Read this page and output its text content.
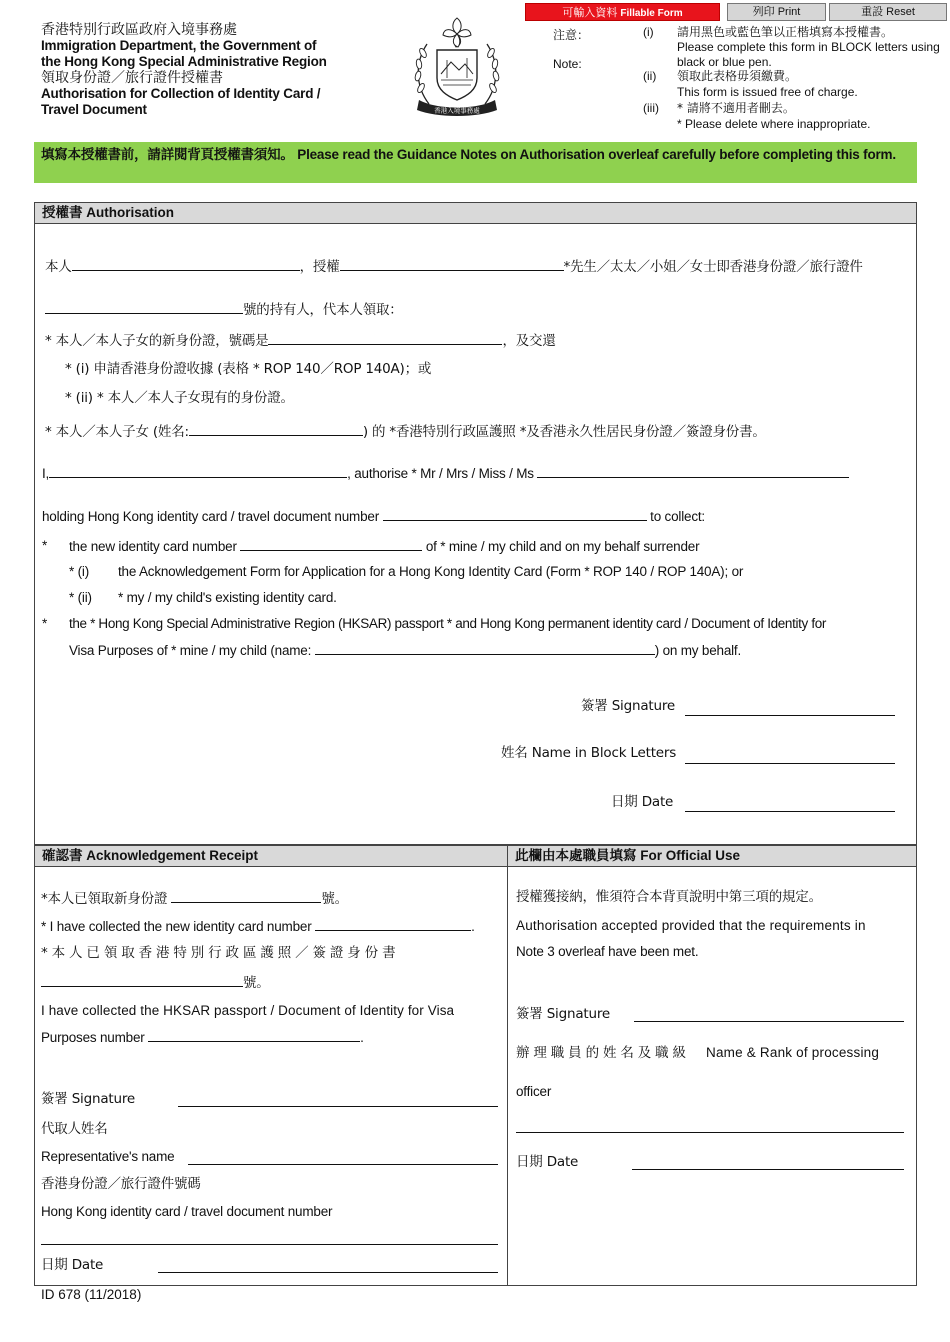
香港特別行政區政府入境事務處
Immigration Department, the Government of
the Hong Kong Special Administrative Region
領取身份證／旅行證件授權書
Authorisation for Collection of Identity Card /
Travel Document	香港入境事務處
可輸入資料 Fillable Form	列印 Print	重設 Reset
注意：
Note:
(i) 請用黑色或藍色筆以正楷填寫本授權書。
Please complete this form in BLOCK letters using black or blue pen.
(ii) 領取此表格毋須繳費。
This form is issued free of charge.
(iii) * 請將不適用者刪去。
* Please delete where inappropriate.
填寫本授權書前，請詳閱背頁授權書須知。 Please read the Guidance Notes on Authorisation overleaf carefully before completing this form.
授權書 Authorisation
本人	，授權	*先生／太太／小姐／女士即香港身份證／旅行證件
號的持有人，代本人領取：
* 本人／本人子女的新身份證，號碼是	，及交還
* (i) 申請香港身份證收據 (表格 * ROP 140／ROP 140A)；或
* (ii) * 本人／本人子女現有的身份證。
* 本人／本人子女 (姓名:	) 的 *香港特別行政區護照 *及香港永久性居民身份證／簽證身份書。
I,	, authorise * Mr / Mrs / Miss / Ms
holding Hong Kong identity card / travel document number	to collect:
* the new identity card number	of * mine / my child and on my behalf surrender
* (i) the Acknowledgement Form for Application for a Hong Kong Identity Card (Form * ROP 140 / ROP 140A); or
* (ii) * my / my child's existing identity card.
* the * Hong Kong Special Administrative Region (HKSAR) passport * and Hong Kong permanent identity card / Document of Identity for
Visa Purposes of * mine / my child (name:	) on my behalf.
簽署 Signature
姓名 Name in Block Letters
日期 Date
確認書 Acknowledgement Receipt
*本人已領取新身份證	號。
* I have collected the new identity card number	.
* 本 人 已 領 取 香 港 特 別 行 政 區 護 照 ／ 簽 證 身 份 書
號。
I have collected the HKSAR passport / Document of Identity for Visa
Purposes number	.
簽署 Signature
代取人姓名
Representative's name
香港身份證／旅行證件號碼
Hong Kong identity card / travel document number
日期 Date
此欄由本處職員填寫 For Official Use
授權獲接納，惟須符合本背頁說明中第三項的規定。
Authorisation accepted provided that the requirements in
Note 3 overleaf have been met.
簽署 Signature
辦 理 職 員 的 姓 名 及 職 級 Name & Rank of processing
officer
日期 Date
ID 678 (11/2018)
